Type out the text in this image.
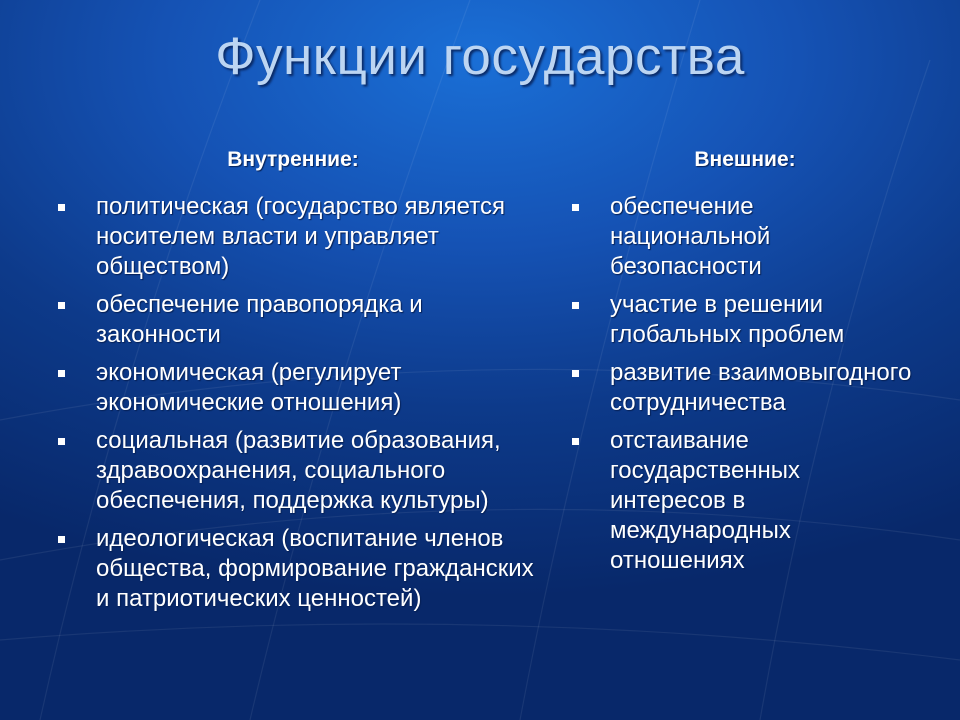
Функции государства
Внутренние:	Внешние:
политическая (государство является носителем власти и управляет обществом)
обеспечение правопорядка и законности
экономическая (регулирует экономические отношения)
социальная (развитие образования, здравоохранения, социального обеспечения, поддержка культуры)
идеологическая (воспитание членов общества, формирование гражданских и патриотических ценностей)
обеспечение национальной безопасности
участие в решении глобальных проблем
развитие взаимовыгодного сотрудничества
отстаивание государственных интересов в международных отношениях
